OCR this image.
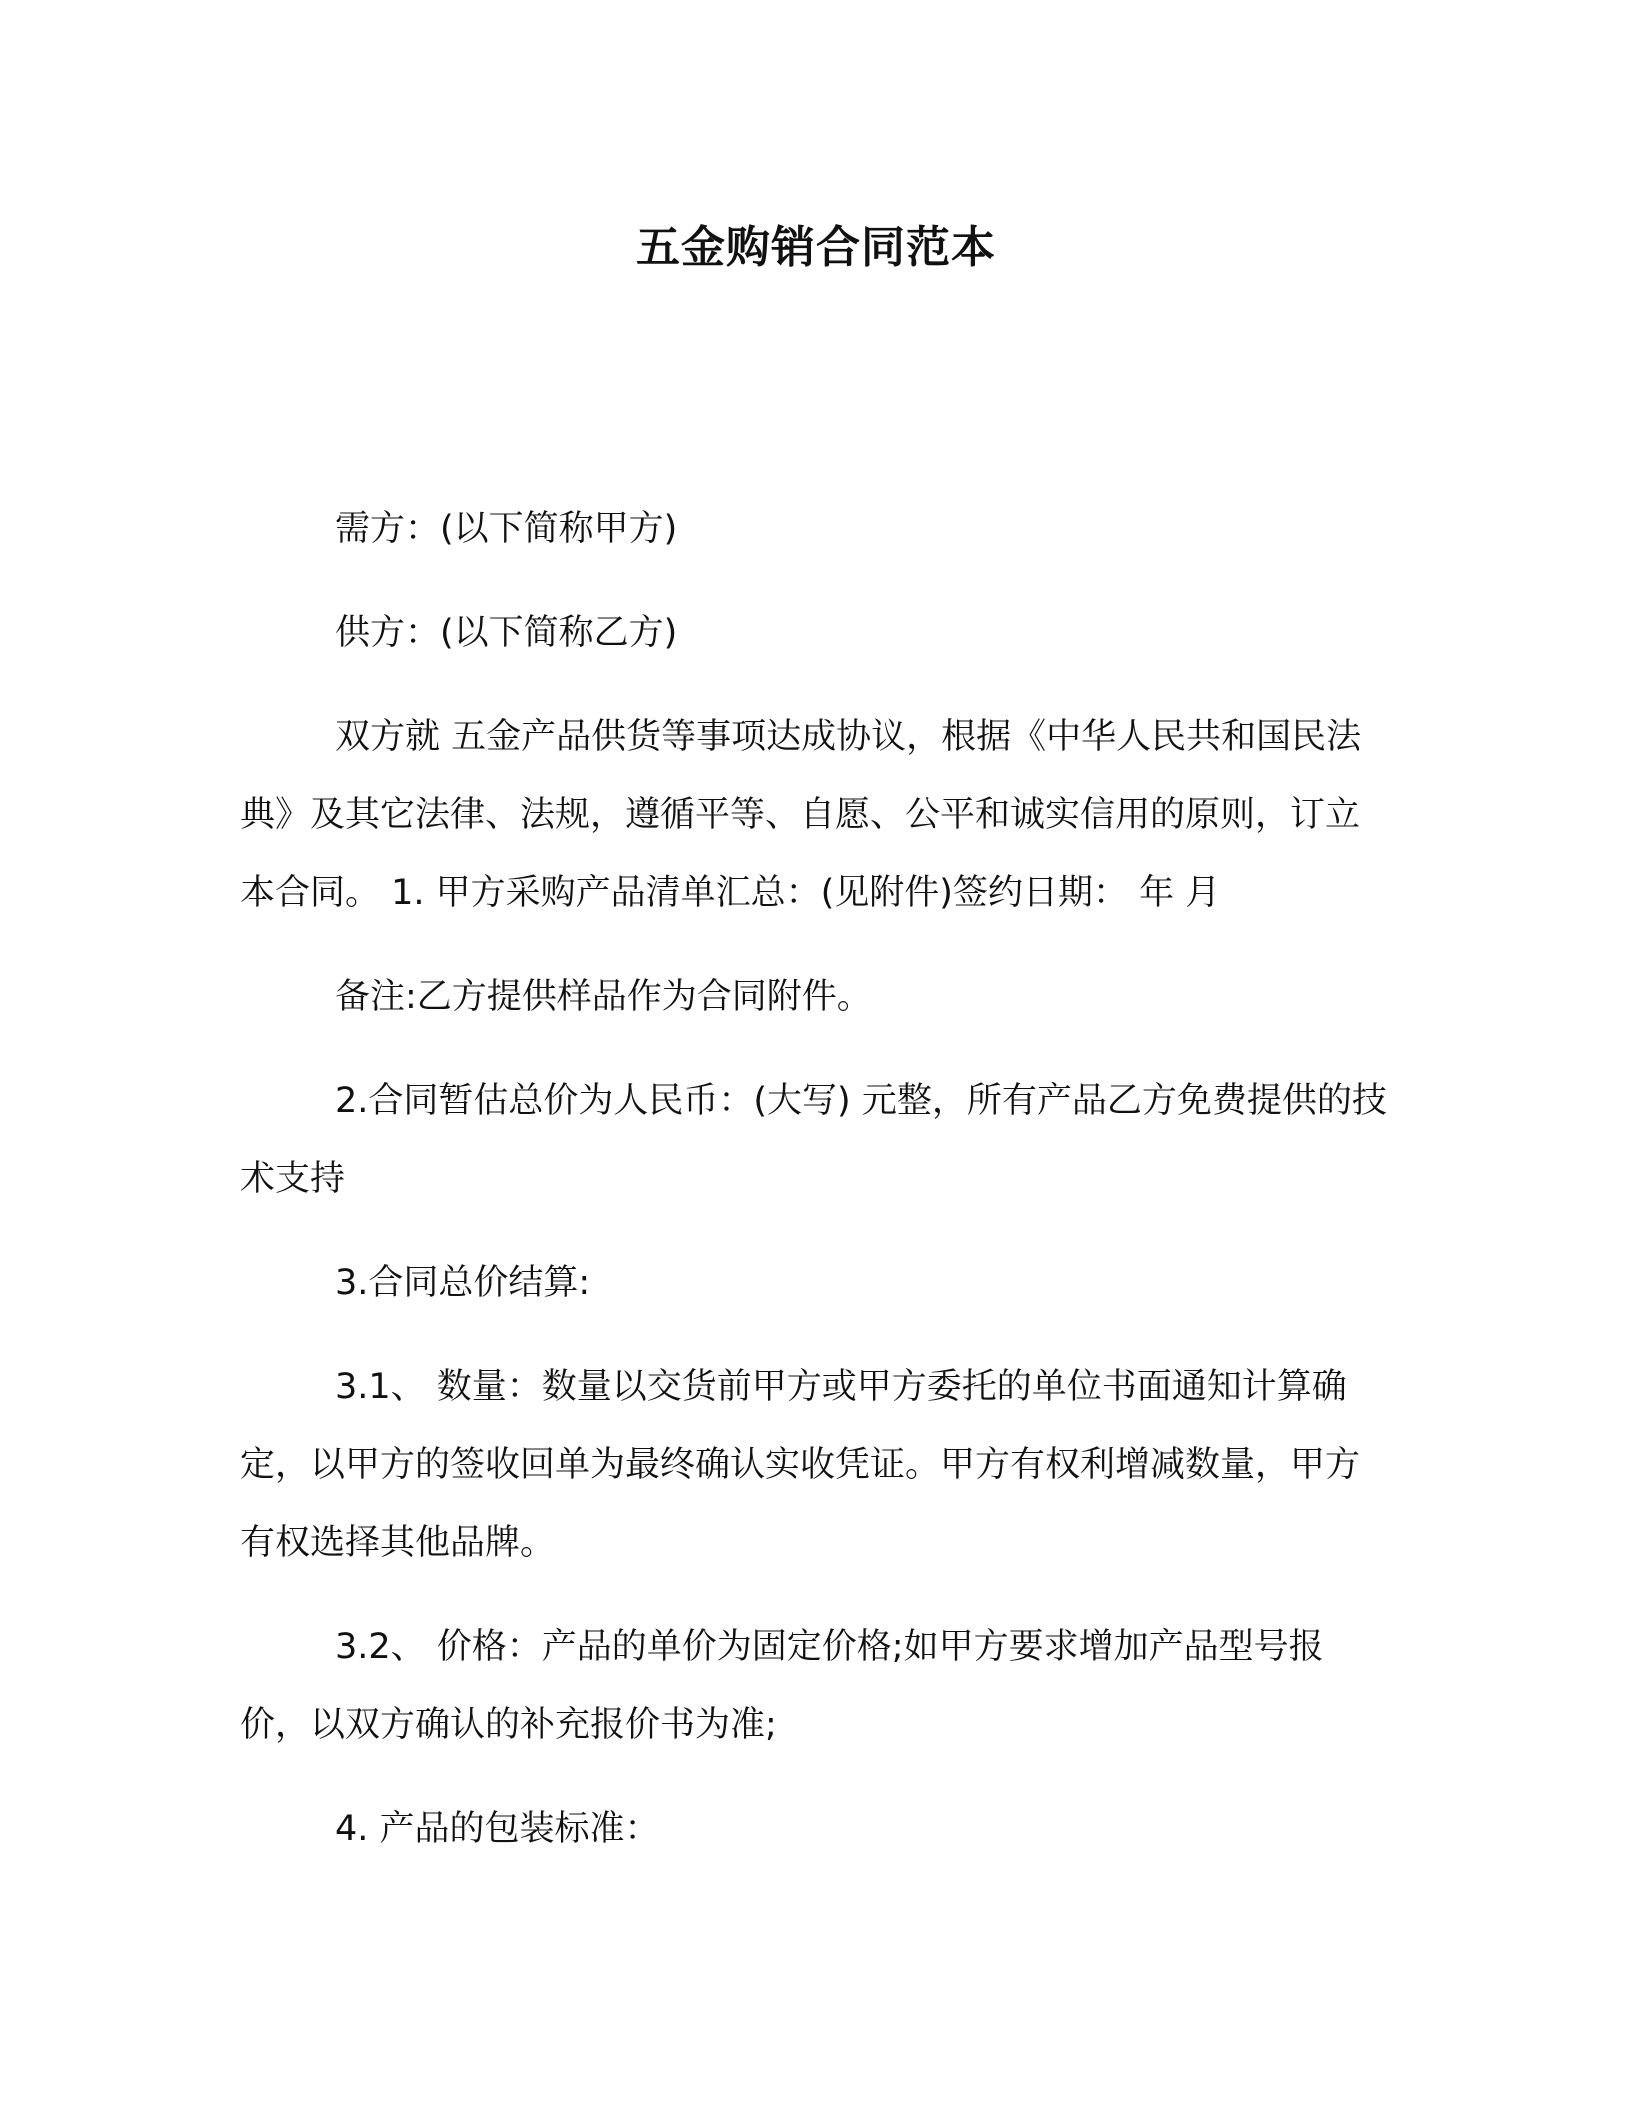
五金购销合同范本

需方：(以下简称甲方)

供方：(以下简称乙方)

双方就 五金产品供货等事项达成协议，根据《中华人民共和国民法典》及其它法律、法规，遵循平等、自愿、公平和诚实信用的原则，订立本合同。 1. 甲方采购产品清单汇总：(见附件)签约日期： 年 月

备注:乙方提供样品作为合同附件。

2.合同暂估总价为人民币：(大写) 元整，所有产品乙方免费提供的技术支持

3.合同总价结算:

3.1、 数量：数量以交货前甲方或甲方委托的单位书面通知计算确定，以甲方的签收回单为最终确认实收凭证。甲方有权利增减数量，甲方有权选择其他品牌。

3.2、 价格：产品的单价为固定价格;如甲方要求增加产品型号报价，以双方确认的补充报价书为准;

4. 产品的包装标准：
